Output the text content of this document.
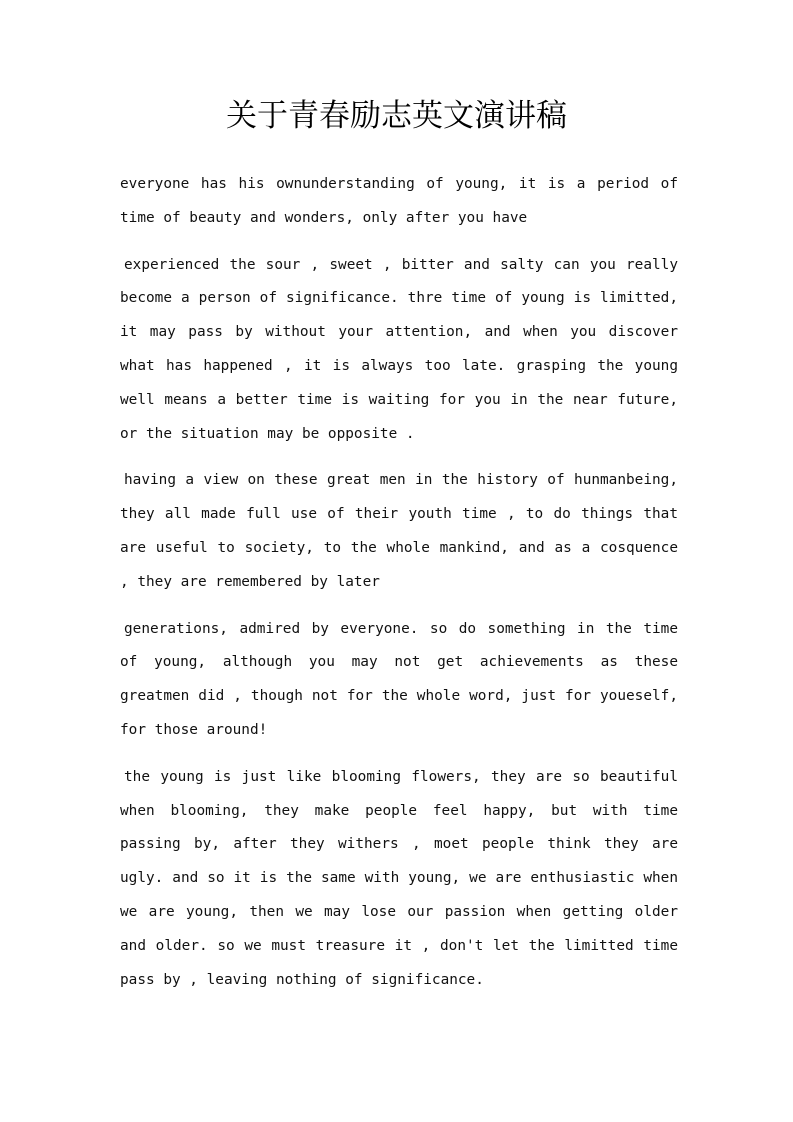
关于青春励志英文演讲稿

everyone has his ownunderstanding of young, it is a period of time of beauty and wonders, only after you have

experienced the sour , sweet , bitter and salty can you really become a person of significance. thre time of young is limitted, it may pass by without your attention, and when you discover what has happened , it is always too late. grasping the young well means a better time is waiting for you in the near future, or the situation may be opposite .

having a view on these great men in the history of hunmanbeing, they all made full use of their youth time , to do things that are useful to society, to the whole mankind, and as a cosquence , they are remembered by later

generations, admired by everyone. so do something in the time of young, although you may not get achievements as these greatmen did , though not for the whole word, just for youeself, for those around!

the young is just like blooming flowers, they are so beautiful when blooming, they make people feel happy, but with time passing by, after they withers , moet people think they are ugly. and so it is the same with young, we are enthusiastic when we are young, then we may lose our passion when getting older and older. so we must treasure it , don't let the limitted time pass by , leaving nothing of significance.
